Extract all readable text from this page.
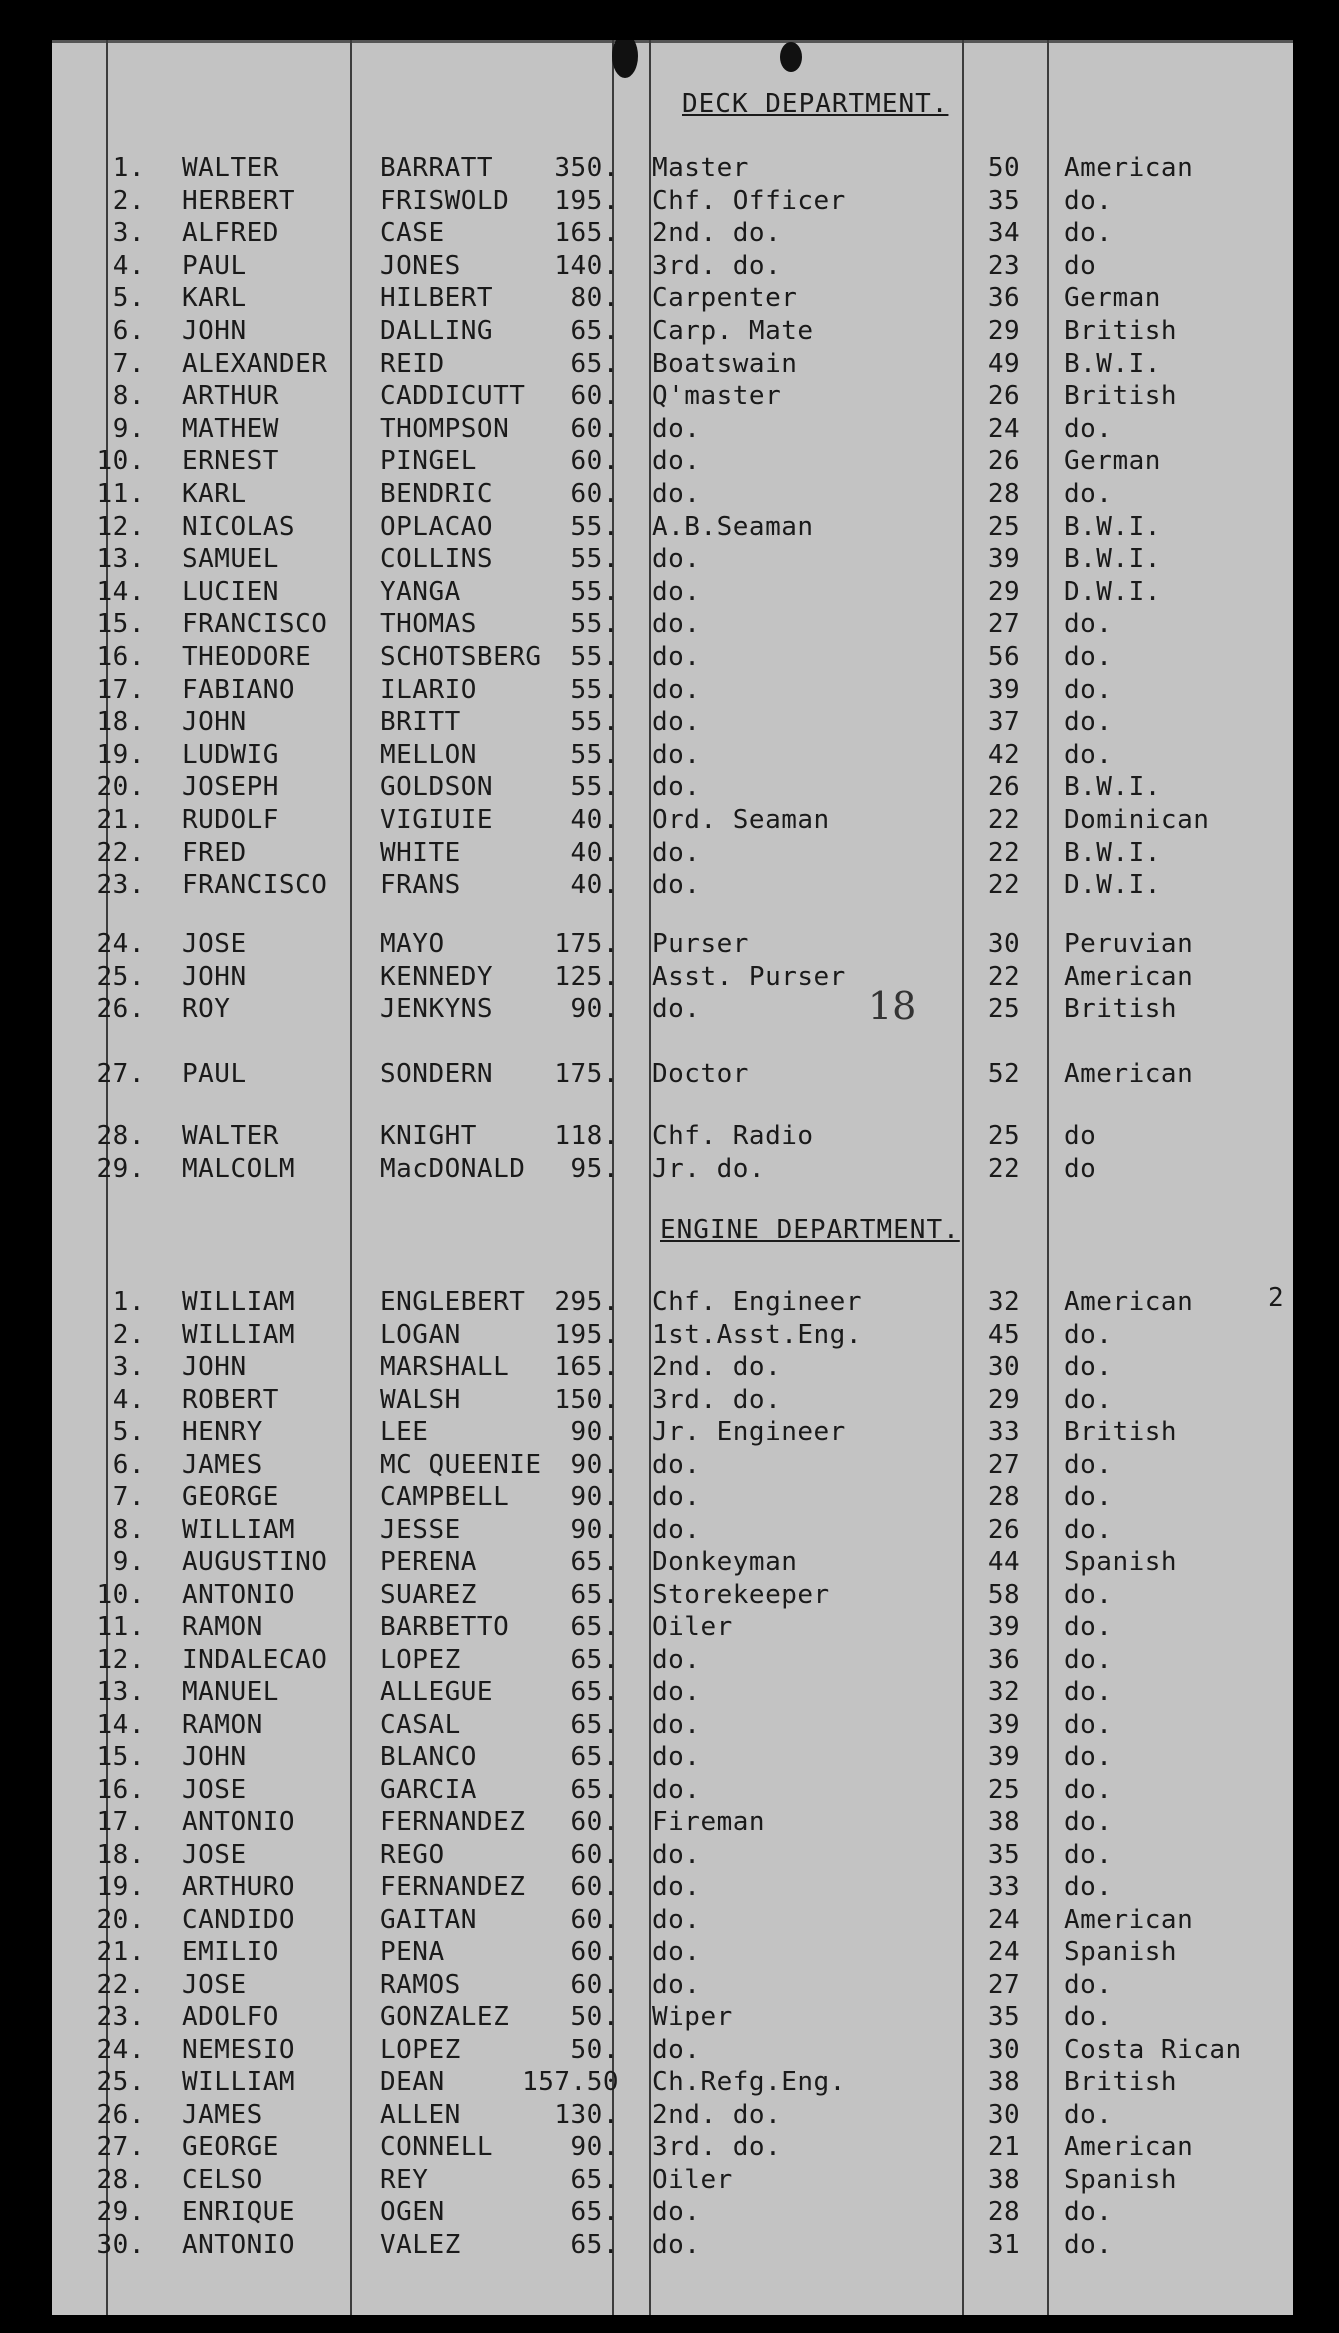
DECK DEPARTMENT.
ENGINE DEPARTMENT.
18
2
1. WALTER	BARRATT	350. Master	50	American
2. HERBERT	FRISWOLD	195. Chf. Officer	35	do.
3. ALFRED	CASE	165. 2nd. do.	34	do.
4. PAUL	JONES	140. 3rd. do.	23	do
5. KARL	HILBERT	80. Carpenter	36	German
6. JOHN	DALLING	65. Carp. Mate	29	British
7. ALEXANDER REID	65. Boatswain	49	B.W.I.
8. ARTHUR	CADDICUTT	60. Q'master	26	British
9. MATHEW	THOMPSON	60. do.	24	do.
10. ERNEST	PINGEL	60. do.	26	German
11. KARL	BENDRIC	60. do.	28	do.
12. NICOLAS	OPLACAO	55. A.B.Seaman	25	B.W.I.
13. SAMUEL	COLLINS	55. do.	39	B.W.I.
14. LUCIEN	YANGA	55. do.	29	D.W.I.
15. FRANCISCO THOMAS	55. do.	27	do.
16. THEODORE	SCHOTSBERG	55. do.	56	do.
17. FABIANO	ILARIO	55. do.	39	do.
18. JOHN	BRITT	55. do.	37	do.
19. LUDWIG	MELLON	55. do.	42	do.
20. JOSEPH	GOLDSON	55. do.	26	B.W.I.
21. RUDOLF	VIGIUIE	40. Ord. Seaman	22	Dominican
22. FRED	WHITE	40. do.	22	B.W.I.
23. FRANCISCO FRANS	40. do.	22	D.W.I.
24. JOSE	MAYO	175. Purser	30	Peruvian
25. JOHN	KENNEDY	125. Asst. Purser	22	American
26. ROY	JENKYNS	90. do.	25	British
27. PAUL	SONDERN	175. Doctor	52	American
28. WALTER	KNIGHT	118. Chf. Radio	25	do
29. MALCOLM	MacDONALD	95. Jr. do.	22	do
1. WILLIAM	ENGLEBERT	295. Chf. Engineer	32	American
2. WILLIAM	LOGAN	195. 1st.Asst.Eng.	45	do.
3. JOHN	MARSHALL	165. 2nd. do.	30	do.
4. ROBERT	WALSH	150. 3rd. do.	29	do.
5. HENRY	LEE	90. Jr. Engineer	33	British
6. JAMES	MC QUEENIE	90. do.	27	do.
7. GEORGE	CAMPBELL	90. do.	28	do.
8. WILLIAM	JESSE	90. do.	26	do.
9. AUGUSTINO PERENA	65. Donkeyman	44	Spanish
10. ANTONIO	SUAREZ	65. Storekeeper	58	do.
11. RAMON	BARBETTO	65. Oiler	39	do.
12. INDALECAO LOPEZ	65. do.	36	do.
13. MANUEL	ALLEGUE	65. do.	32	do.
14. RAMON	CASAL	65. do.	39	do.
15. JOHN	BLANCO	65. do.	39	do.
16. JOSE	GARCIA	65. do.	25	do.
17. ANTONIO	FERNANDEZ	60. Fireman	38	do.
18. JOSE	REGO	60. do.	35	do.
19. ARTHURO	FERNANDEZ	60. do.	33	do.
20. CANDIDO	GAITAN	60. do.	24	American
21. EMILIO	PENA	60. do.	24	Spanish
22. JOSE	RAMOS	60. do.	27	do.
23. ADOLFO	GONZALEZ	50. Wiper	35	do.
24. NEMESIO	LOPEZ	50. do.	30	Costa Rican
25. WILLIAM	DEAN	157.50 Ch.Refg.Eng.	38	British
26. JAMES	ALLEN	130. 2nd. do.	30	do.
27. GEORGE	CONNELL	90. 3rd. do.	21	American
28. CELSO	REY	65. Oiler	38	Spanish
29. ENRIQUE	OGEN	65. do.	28	do.
30. ANTONIO	VALEZ	65. do.	31	do.
